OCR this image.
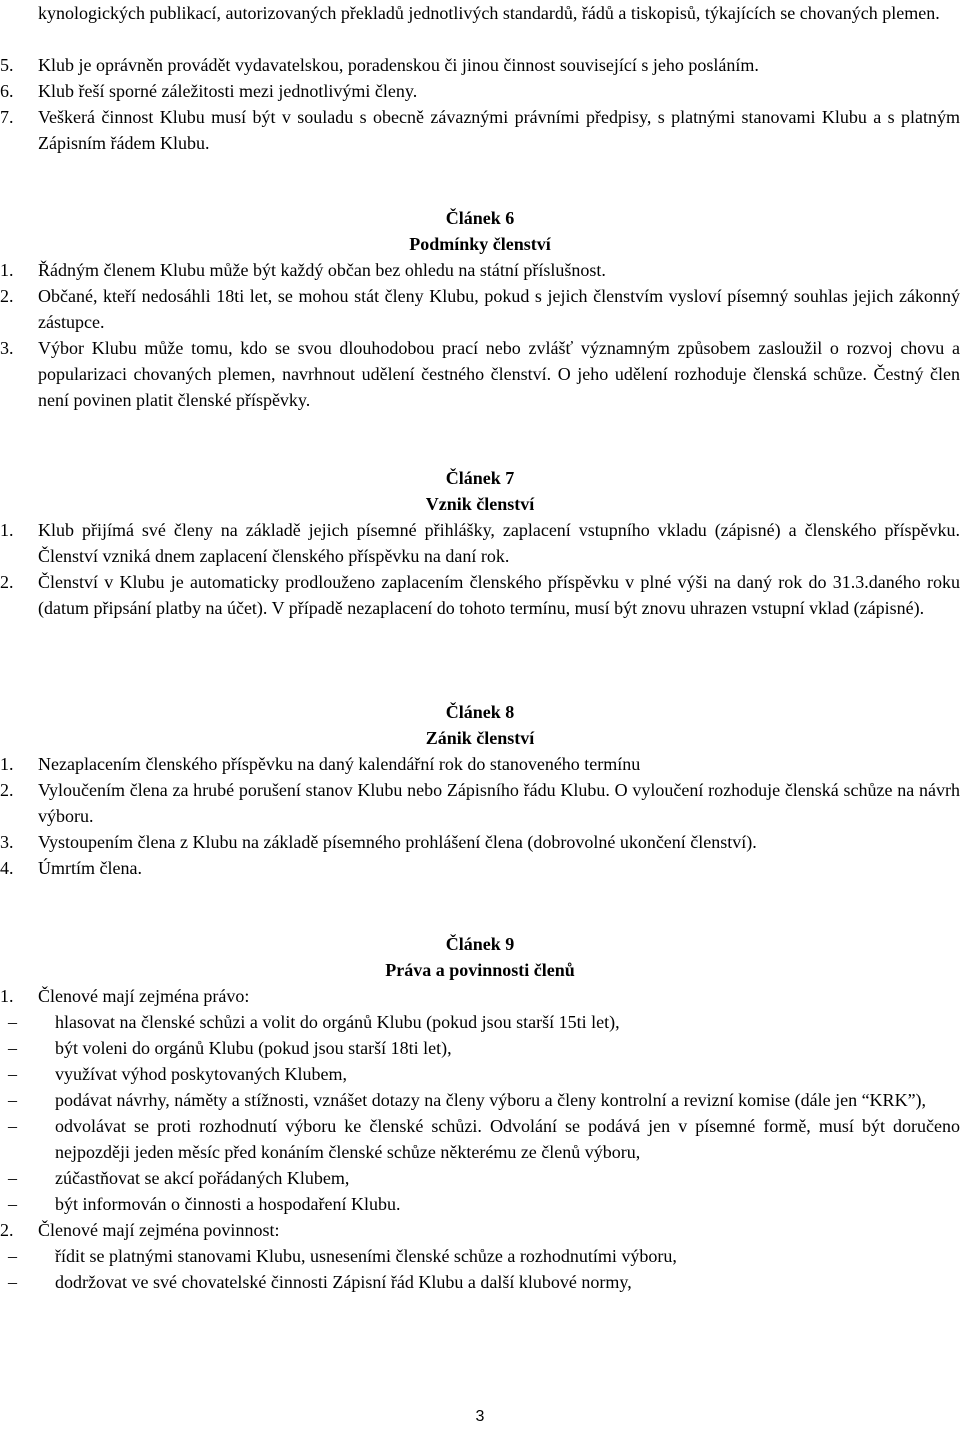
kynologických publikací, autorizovaných překladů jednotlivých standardů, řádů a tiskopisů, týkajících se chovaných plemen.
5. Klub je oprávněn provádět vydavatelskou, poradenskou či jinou činnost související s jeho posláním.
6. Klub řeší sporné záležitosti mezi jednotlivými členy.
7. Veškerá činnost Klubu musí být v souladu s obecně závaznými právními předpisy, s platnými stanovami Klubu a s platným Zápisním řádem Klubu.
Článek 6
Podmínky členství
1. Řádným členem Klubu může být každý občan bez ohledu na státní příslušnost.
2. Občané, kteří nedosáhli 18ti let, se mohou stát členy Klubu, pokud s jejich členstvím vysloví písemný souhlas jejich zákonný zástupce.
3. Výbor Klubu může tomu, kdo se svou dlouhodobou prací nebo zvlášť významným způsobem zasloužil o rozvoj chovu a popularizaci chovaných plemen, navrhnout udělení čestného členství. O jeho udělení rozhoduje členská schůze. Čestný člen není povinen platit členské příspěvky.
Článek 7
Vznik členství
1. Klub přijímá své členy na základě jejich písemné přihlášky, zaplacení vstupního vkladu (zápisné) a členského příspěvku. Členství vzniká dnem zaplacení členského příspěvku na daní rok.
2. Členství v Klubu je automaticky prodlouženo zaplacením členského příspěvku v plné výši na daný rok do 31.3.daného roku (datum připsání platby na účet). V případě nezaplacení do tohoto termínu, musí být znovu uhrazen vstupní vklad (zápisné).
Článek 8
Zánik členství
1. Nezaplacením členského příspěvku na daný kalendářní rok do stanoveného termínu
2. Vyloučením člena za hrubé porušení stanov Klubu nebo Zápisního řádu Klubu. O vyloučení rozhoduje členská schůze na návrh výboru.
3. Vystoupením člena z Klubu na základě písemného prohlášení člena (dobrovolné ukončení členství).
4. Úmrtím člena.
Článek 9
Práva a povinnosti členů
1. Členové mají zejména právo:
– hlasovat na členské schůzi a volit do orgánů Klubu (pokud jsou starší 15ti let),
– být voleni do orgánů Klubu (pokud jsou starší 18ti let),
– využívat výhod poskytovaných Klubem,
– podávat návrhy, náměty a stížnosti, vznášet dotazy na členy výboru a členy kontrolní a revizní komise (dále jen “KRK”),
– odvolávat se proti rozhodnutí výboru ke členské schůzi. Odvolání se podává jen v písemné formě, musí být doručeno nejpozději jeden měsíc před konáním členské schůze některému ze členů výboru,
– zúčastňovat se akcí pořádaných Klubem,
– být informován o činnosti a hospodaření Klubu.
2. Členové mají zejména povinnost:
– řídit se platnými stanovami Klubu, usneseními členské schůze a rozhodnutími výboru,
– dodržovat ve své chovatelské činnosti Zápisní řád Klubu a další klubové normy,
3
